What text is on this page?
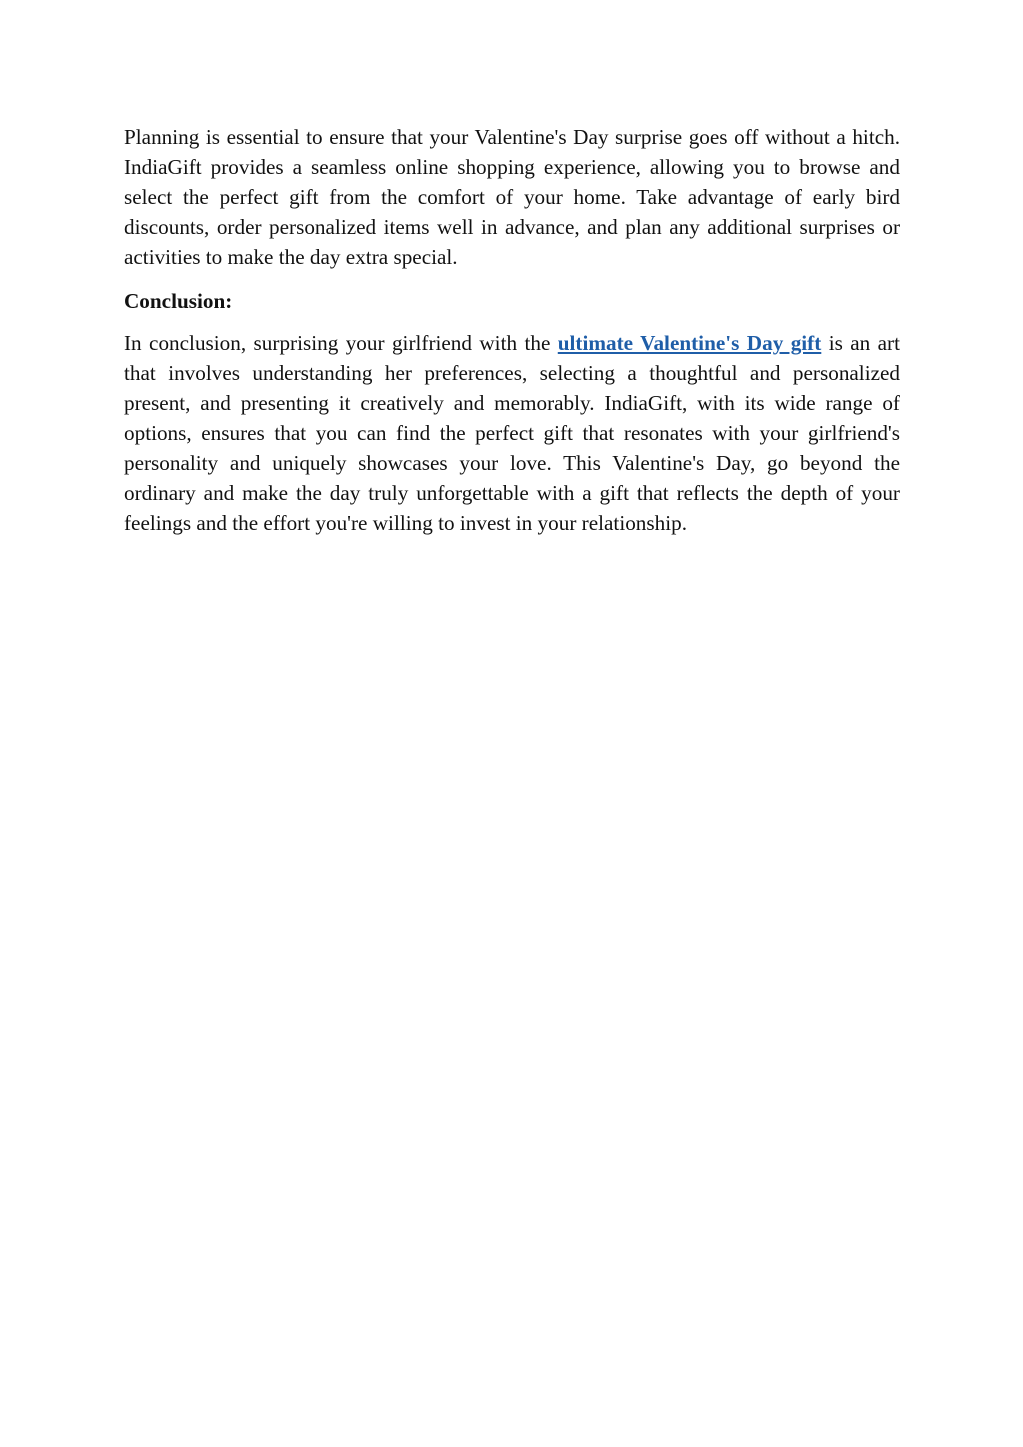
Planning is essential to ensure that your Valentine's Day surprise goes off without a hitch. IndiaGift provides a seamless online shopping experience, allowing you to browse and select the perfect gift from the comfort of your home. Take advantage of early bird discounts, order personalized items well in advance, and plan any additional surprises or activities to make the day extra special.

Conclusion:

In conclusion, surprising your girlfriend with the ultimate Valentine's Day gift is an art that involves understanding her preferences, selecting a thoughtful and personalized present, and presenting it creatively and memorably. IndiaGift, with its wide range of options, ensures that you can find the perfect gift that resonates with your girlfriend's personality and uniquely showcases your love. This Valentine's Day, go beyond the ordinary and make the day truly unforgettable with a gift that reflects the depth of your feelings and the effort you're willing to invest in your relationship.
